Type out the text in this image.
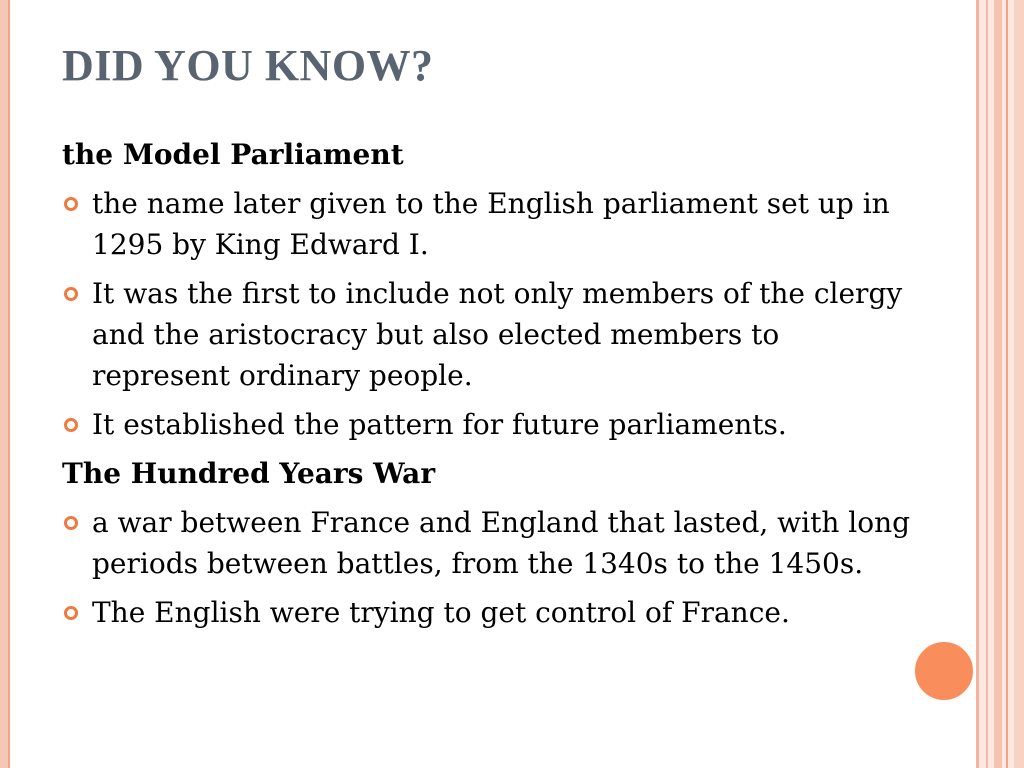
DID YOU KNOW?
the Model Parliament
the name later given to the English parliament set up in 1295 by King Edward I.
It was the first to include not only members of the clergy and the aristocracy but also elected members to represent ordinary people.
It established the pattern for future parliaments.
The Hundred Years War
a war between France and England that lasted, with long periods between battles, from the 1340s to the 1450s.
The English were trying to get control of France.
